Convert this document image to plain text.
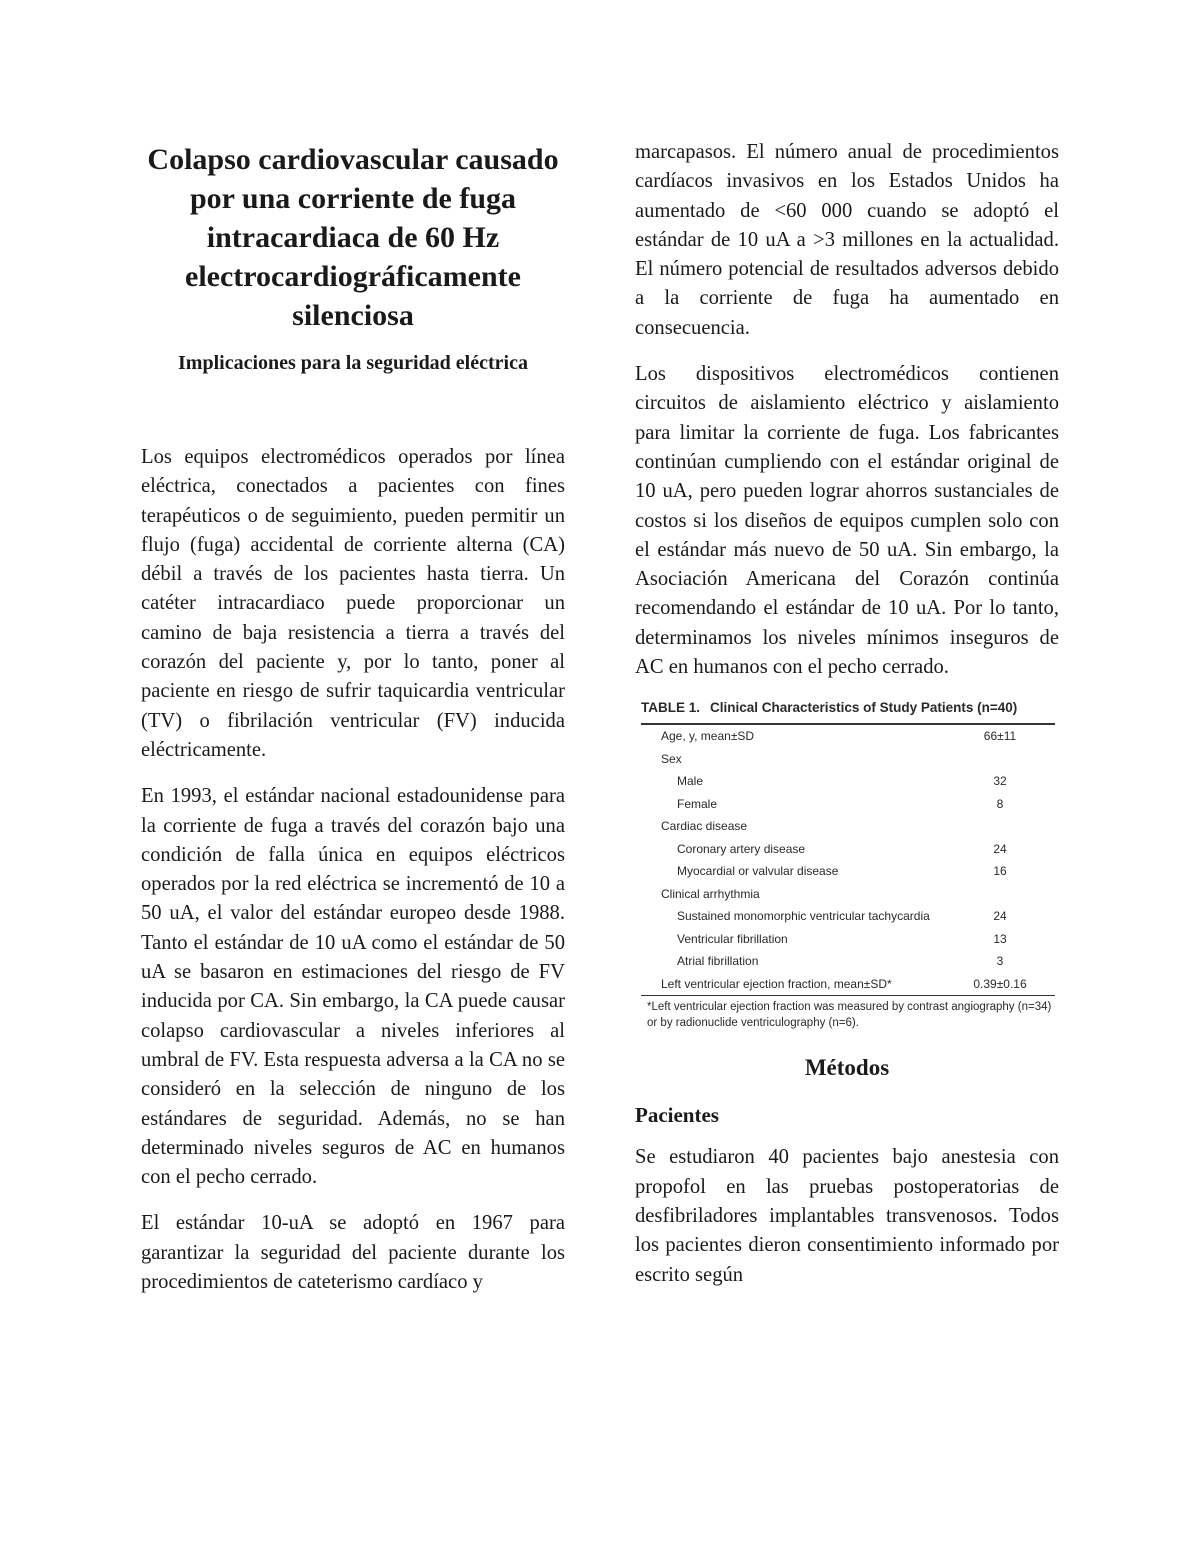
Colapso cardiovascular causado por una corriente de fuga intracardiaca de 60 Hz electrocardiográficamente silenciosa
Implicaciones para la seguridad eléctrica

Los equipos electromédicos operados por línea eléctrica, conectados a pacientes con fines terapéuticos o de seguimiento, pueden permitir un flujo (fuga) accidental de corriente alterna (CA) débil a través de los pacientes hasta tierra. Un catéter intracardiaco puede proporcionar un camino de baja resistencia a tierra a través del corazón del paciente y, por lo tanto, poner al paciente en riesgo de sufrir taquicardia ventricular (TV) o fibrilación ventricular (FV) inducida eléctricamente.

En 1993, el estándar nacional estadounidense para la corriente de fuga a través del corazón bajo una condición de falla única en equipos eléctricos operados por la red eléctrica se incrementó de 10 a 50 uA, el valor del estándar europeo desde 1988. Tanto el estándar de 10 uA como el estándar de 50 uA se basaron en estimaciones del riesgo de FV inducida por CA. Sin embargo, la CA puede causar colapso cardiovascular a niveles inferiores al umbral de FV. Esta respuesta adversa a la CA no se consideró en la selección de ninguno de los estándares de seguridad. Además, no se han determinado niveles seguros de AC en humanos con el pecho cerrado.

El estándar 10-uA se adoptó en 1967 para garantizar la seguridad del paciente durante los procedimientos de cateterismo cardíaco y

marcapasos. El número anual de procedimientos cardíacos invasivos en los Estados Unidos ha aumentado de <60 000 cuando se adoptó el estándar de 10 uA a >3 millones en la actualidad. El número potencial de resultados adversos debido a la corriente de fuga ha aumentado en consecuencia.

Los dispositivos electromédicos contienen circuitos de aislamiento eléctrico y aislamiento para limitar la corriente de fuga. Los fabricantes continúan cumpliendo con el estándar original de 10 uA, pero pueden lograr ahorros sustanciales de costos si los diseños de equipos cumplen solo con el estándar más nuevo de 50 uA. Sin embargo, la Asociación Americana del Corazón continúa recomendando el estándar de 10 uA. Por lo tanto, determinamos los niveles mínimos inseguros de AC en humanos con el pecho cerrado.

TABLE 1. Clinical Characteristics of Study Patients (n=40)
Age, y, mean±SD	66±11
Sex	
Male	32
Female	8
Cardiac disease	
Coronary artery disease	24
Myocardial or valvular disease	16
Clinical arrhythmia	
Sustained monomorphic ventricular tachycardia	24
Ventricular fibrillation	13
Atrial fibrillation	3
Left ventricular ejection fraction, mean±SD*	0.39±0.16
*Left ventricular ejection fraction was measured by contrast angiography (n=34) or by radionuclide ventriculography (n=6).
Métodos
Pacientes

Se estudiaron 40 pacientes bajo anestesia con propofol en las pruebas postoperatorias de desfibriladores implantables transvenosos. Todos los pacientes dieron consentimiento informado por escrito según
